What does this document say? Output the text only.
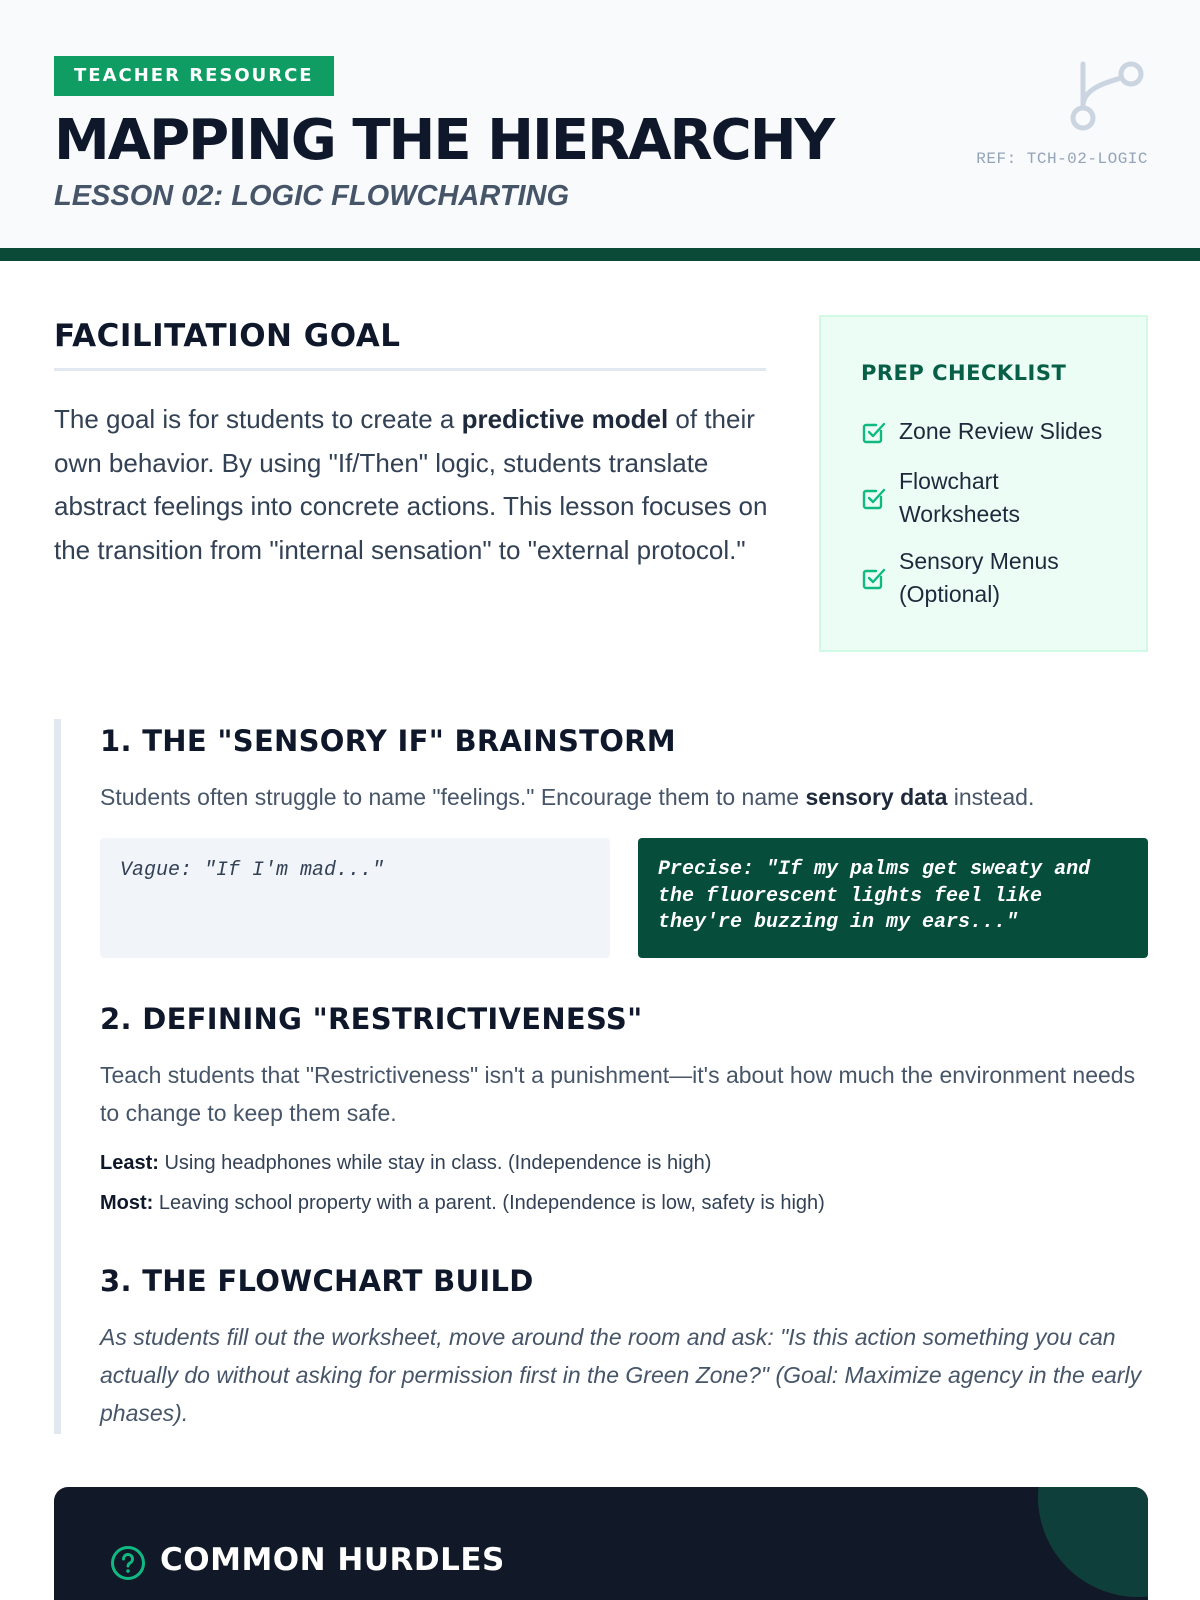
TEACHER RESOURCE
MAPPING THE HIERARCHY
LESSON 02: LOGIC FLOWCHARTING
REF: TCH-02-LOGIC
FACILITATION GOAL

The goal is for students to create a predictive model of their own behavior. By using "If/Then" logic, students translate abstract feelings into concrete actions. This lesson focuses on the transition from "internal sensation" to "external protocol."

PREP CHECKLIST
Zone Review Slides
Flowchart
Worksheets
Sensory Menus
(Optional)
1. THE "SENSORY IF" BRAINSTORM

Students often struggle to name "feelings." Encourage them to name sensory data instead.

Vague: "If I'm mad..."	Precise: "If my palms get sweaty and the fluorescent lights feel like they're buzzing in my ears..."
2. DEFINING "RESTRICTIVENESS"

Teach students that "Restrictiveness" isn't a punishment—it's about how much the environment needs to change to keep them safe.

Least: Using headphones while stay in class. (Independence is high)
Most: Leaving school property with a parent. (Independence is low, safety is high)
3. THE FLOWCHART BUILD

As students fill out the worksheet, move around the room and ask: "Is this action something you can actually do without asking for permission first in the Green Zone?" (Goal: Maximize agency in the early phases).

COMMON HURDLES
